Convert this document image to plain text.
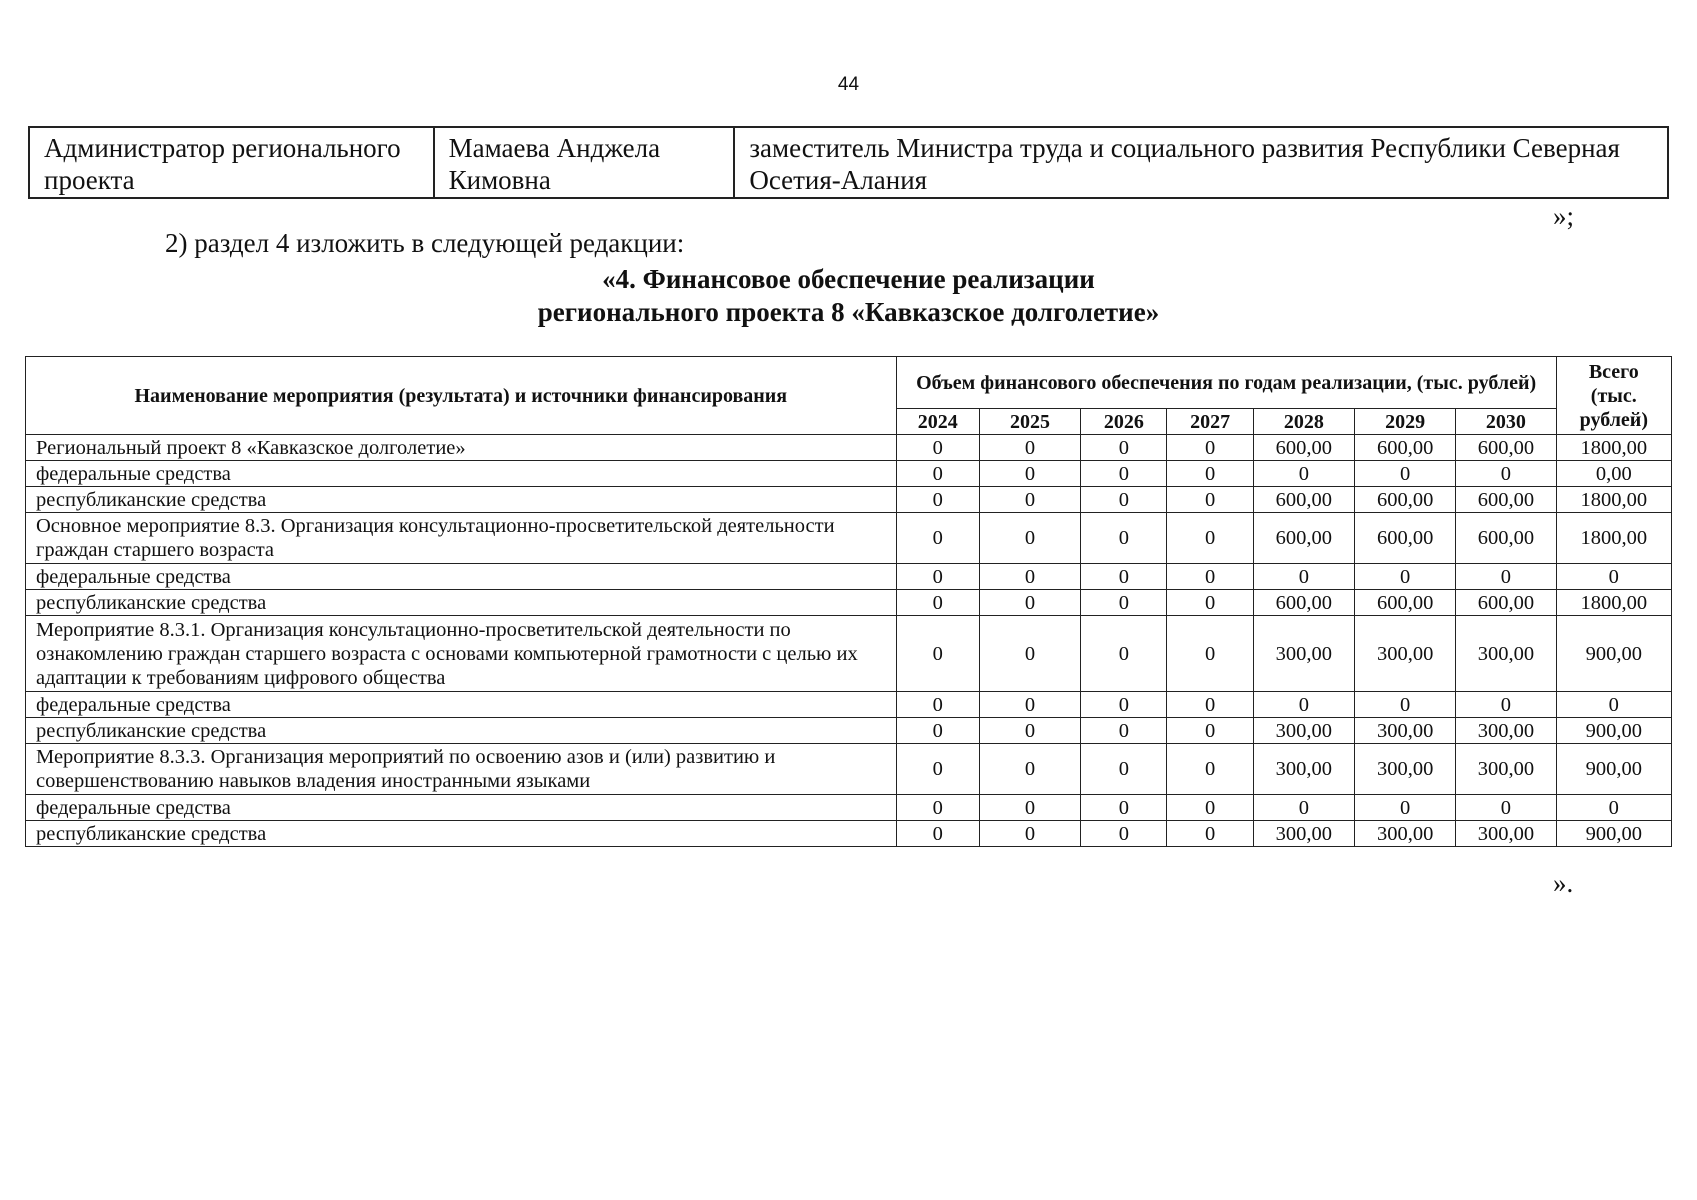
44
Администратор регионального проекта	Мамаева Анджела Кимовна	заместитель Министра труда и социального развития Республики Северная Осетия-Алания
»;
2) раздел 4 изложить в следующей редакции:
«4. Финансовое обеспечение реализации
регионального проекта 8 «Кавказское долголетие»
Наименование мероприятия (результата) и источники финансирования	Объем финансового обеспечения по годам реализации, (тыс. рублей)							Всего (тыс. рублей)
	2024	2025	2026	2027	2028	2029	2030	
Региональный проект 8 «Кавказское долголетие»	0	0	0	0	600,00	600,00	600,00	1800,00
федеральные средства	0	0	0	0	0	0	0	0,00
республиканские средства	0	0	0	0	600,00	600,00	600,00	1800,00
Основное мероприятие 8.3. Организация консультационно-просветительской деятельности граждан старшего возраста	0	0	0	0	600,00	600,00	600,00	1800,00
федеральные средства	0	0	0	0	0	0	0	0
республиканские средства	0	0	0	0	600,00	600,00	600,00	1800,00
Мероприятие 8.3.1. Организация консультационно-просветительской деятельности по ознакомлению граждан старшего возраста с основами компьютерной грамотности с целью их адаптации к требованиям цифрового общества	0	0	0	0	300,00	300,00	300,00	900,00
федеральные средства	0	0	0	0	0	0	0	0
республиканские средства	0	0	0	0	300,00	300,00	300,00	900,00
Мероприятие 8.3.3. Организация мероприятий по освоению азов и (или) развитию и совершенствованию навыков владения иностранными языками	0	0	0	0	300,00	300,00	300,00	900,00
федеральные средства	0	0	0	0	0	0	0	0
республиканские средства	0	0	0	0	300,00	300,00	300,00	900,00
».
